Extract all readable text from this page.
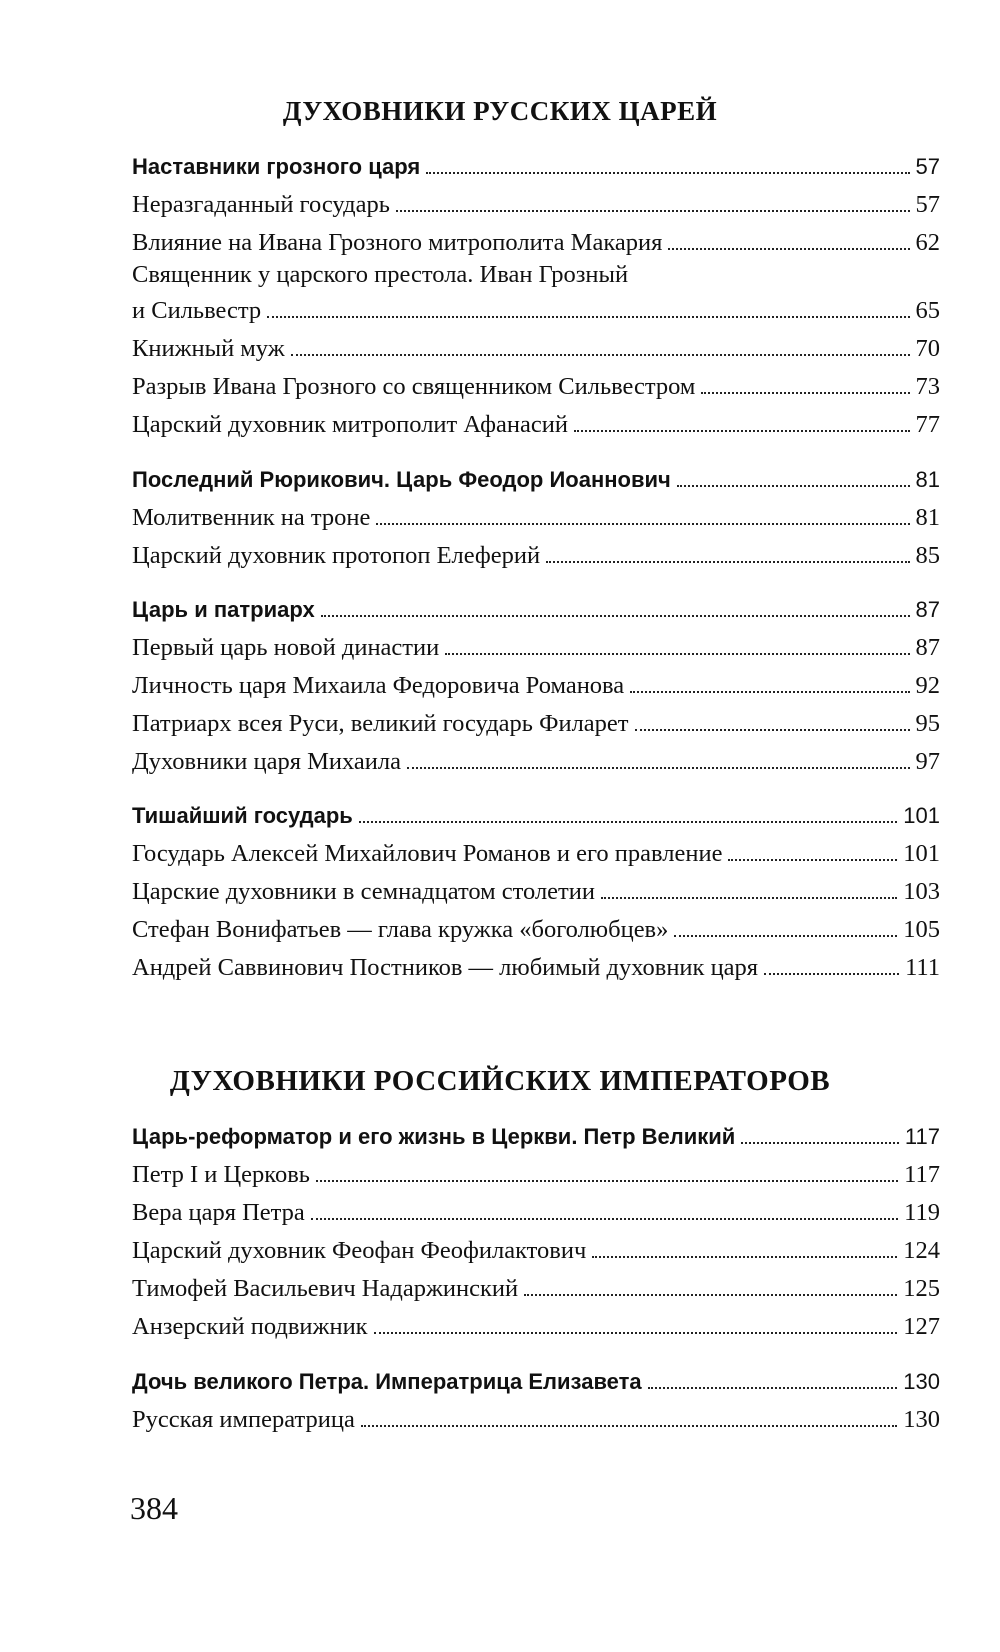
ДУХОВНИКИ РУССКИХ ЦАРЕЙ
ДУХОВНИКИ РОССИЙСКИХ ИМПЕРАТОРОВ
Наставники грозного царя	57
Неразгаданный государь	57
Влияние на Ивана Грозного митрополита Макария	62
Священник у царского престола. Иван Грозный
и Сильвестр	65
Книжный муж	70
Разрыв Ивана Грозного со священником Сильвестром	73
Царский духовник митрополит Афанасий	77
Последний Рюрикович. Царь Феодор Иоаннович	81
Молитвенник на троне	81
Царский духовник протопоп Елеферий	85
Царь и патриарх	87
Первый царь новой династии	87
Личность царя Михаила Федоровича Романова	92
Патриарх всея Руси, великий государь Филарет	95
Духовники царя Михаила	97
Тишайший государь	101
Государь Алексей Михайлович Романов и его правление	101
Царские духовники в семнадцатом столетии	103
Стефан Вонифатьев — глава кружка «боголюбцев»	105
Андрей Саввинович Постников — любимый духовник царя	111
Царь-реформатор и его жизнь в Церкви. Петр Великий	117
Петр I и Церковь	117
Вера царя Петра	119
Царский духовник Феофан Феофилактович	124
Тимофей Васильевич Надаржинский	125
Анзерский подвижник	127
Дочь великого Петра. Императрица Елизавета	130
Русская императрица	130
384
